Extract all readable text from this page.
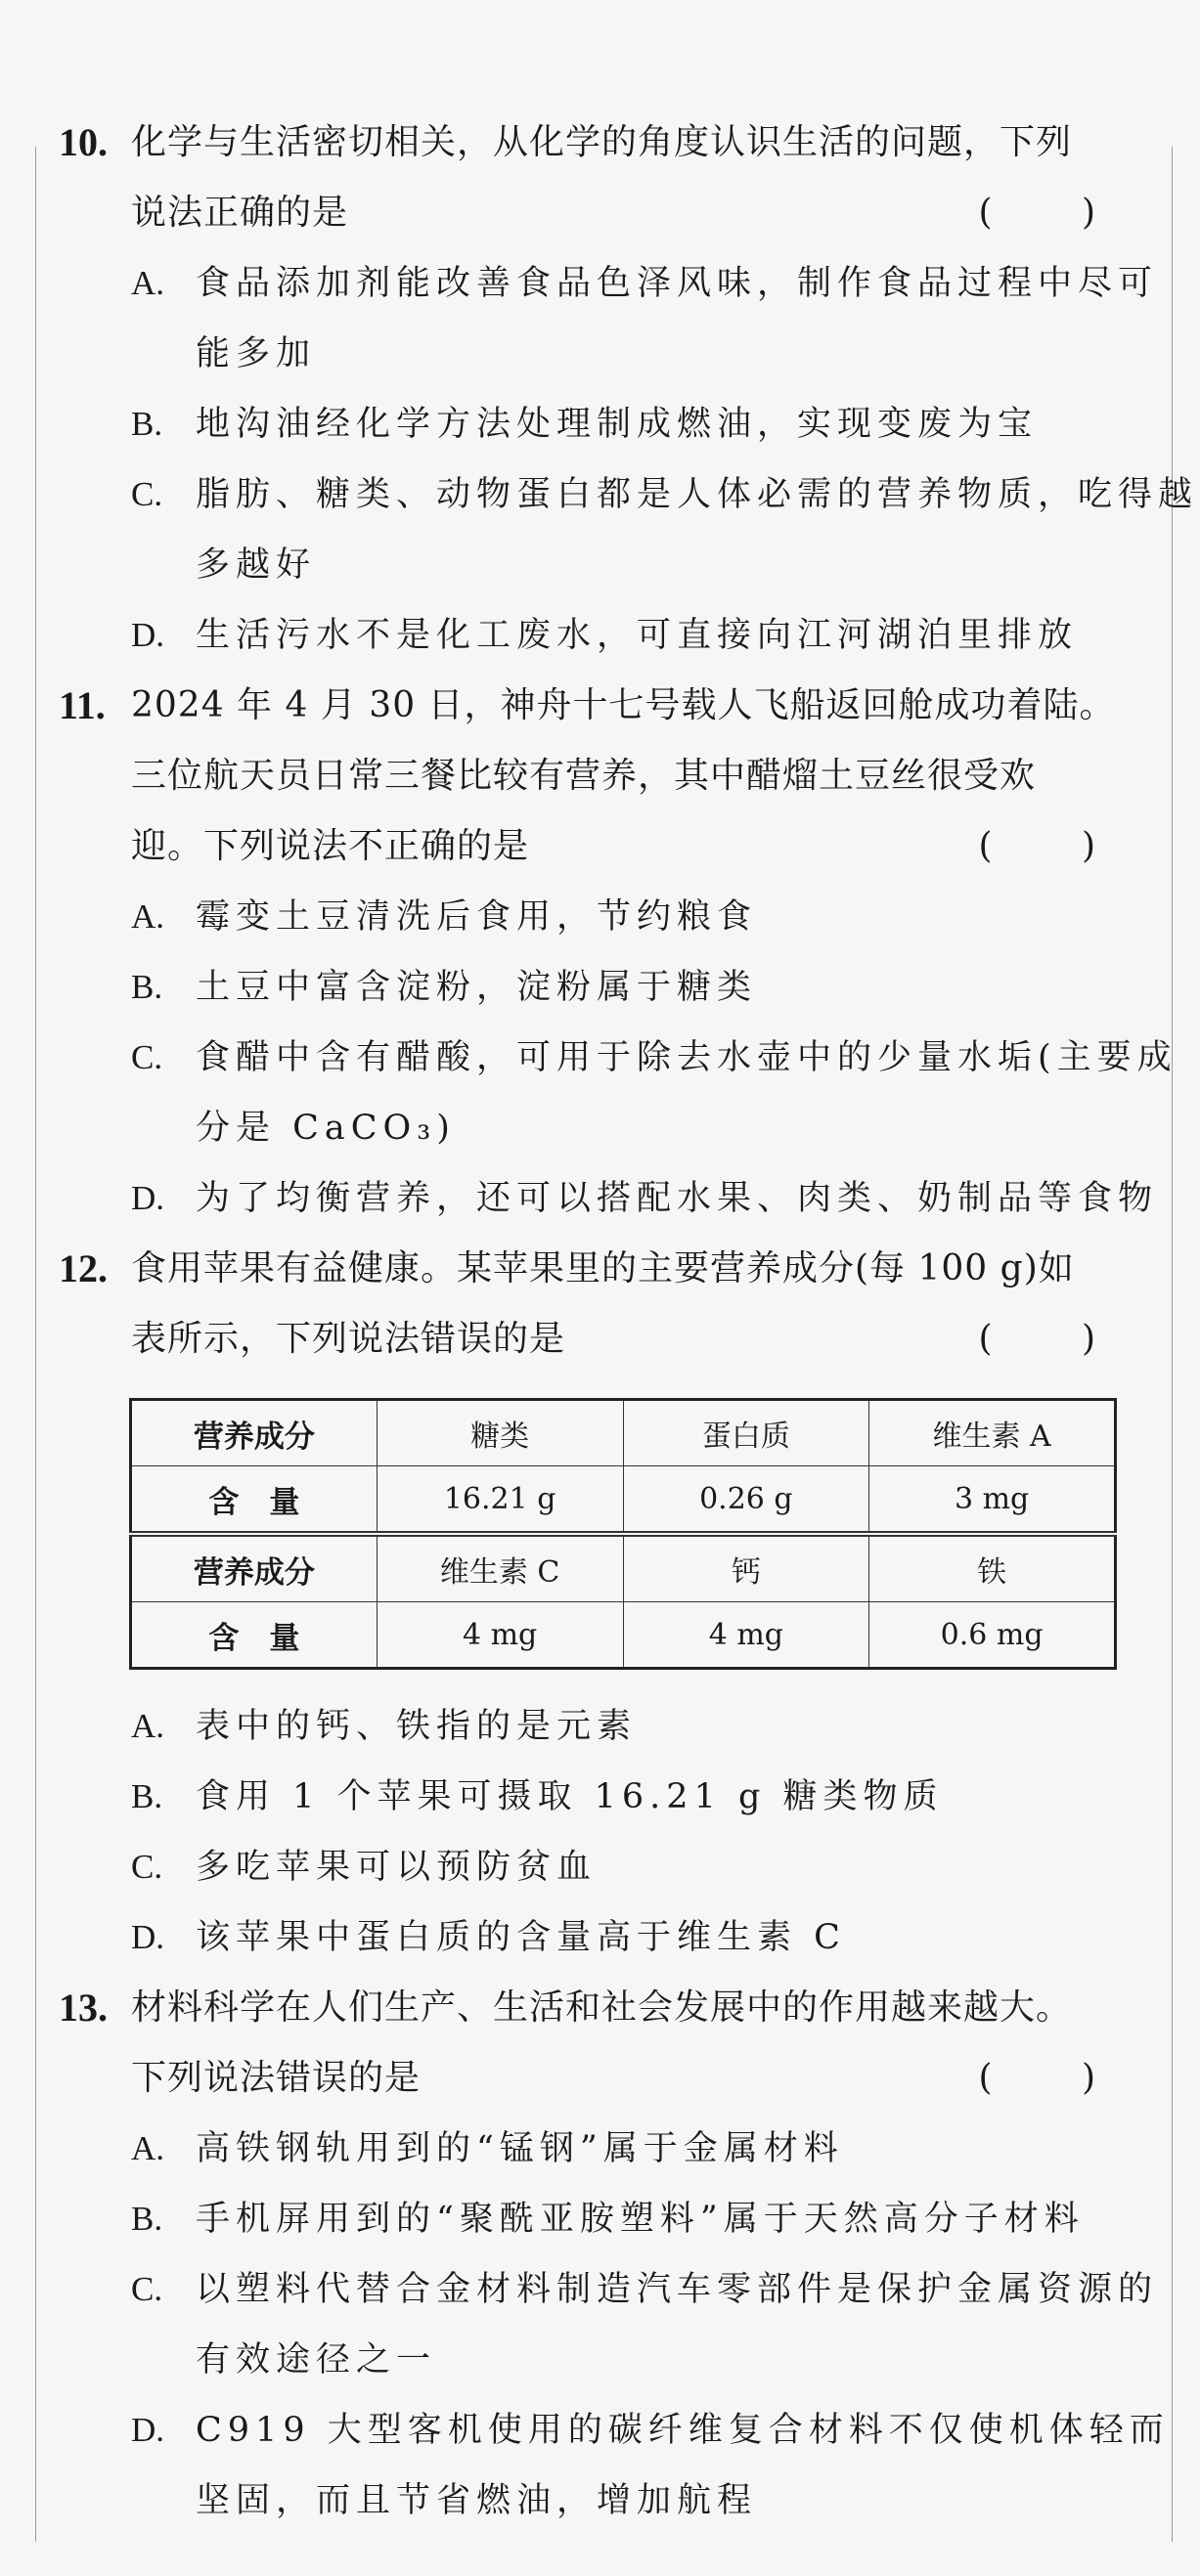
10. 化学与生活密切相关，从化学的角度认识生活的问题，下列
说法正确的是	( )
A. 食品添加剂能改善食品色泽风味，制作食品过程中尽可
能多加
B. 地沟油经化学方法处理制成燃油，实现变废为宝
C. 脂肪、糖类、动物蛋白都是人体必需的营养物质，吃得越
多越好
D. 生活污水不是化工废水，可直接向江河湖泊里排放
11. 2024 年 4 月 30 日，神舟十七号载人飞船返回舱成功着陆。
三位航天员日常三餐比较有营养，其中醋熘土豆丝很受欢
迎。下列说法不正确的是	( )
A. 霉变土豆清洗后食用，节约粮食
B. 土豆中富含淀粉，淀粉属于糖类
C. 食醋中含有醋酸，可用于除去水壶中的少量水垢(主要成
分是 CaCO₃)
D. 为了均衡营养，还可以搭配水果、肉类、奶制品等食物
12. 食用苹果有益健康。某苹果里的主要营养成分(每 100 g)如
表所示，下列说法错误的是	( )
营养成分	糖类	蛋白质	维生素 A
含　量	16.21 g	0.26 g	3 mg
营养成分	维生素 C	钙	铁
含　量	4 mg	4 mg	0.6 mg
A. 表中的钙、铁指的是元素
B. 食用 1 个苹果可摄取 16.21 g 糖类物质
C. 多吃苹果可以预防贫血
D. 该苹果中蛋白质的含量高于维生素 C
13. 材料科学在人们生产、生活和社会发展中的作用越来越大。
下列说法错误的是	( )
A. 高铁钢轨用到的“锰钢”属于金属材料
B. 手机屏用到的“聚酰亚胺塑料”属于天然高分子材料
C. 以塑料代替合金材料制造汽车零部件是保护金属资源的
有效途径之一
D. C919 大型客机使用的碳纤维复合材料不仅使机体轻而
坚固，而且节省燃油，增加航程
